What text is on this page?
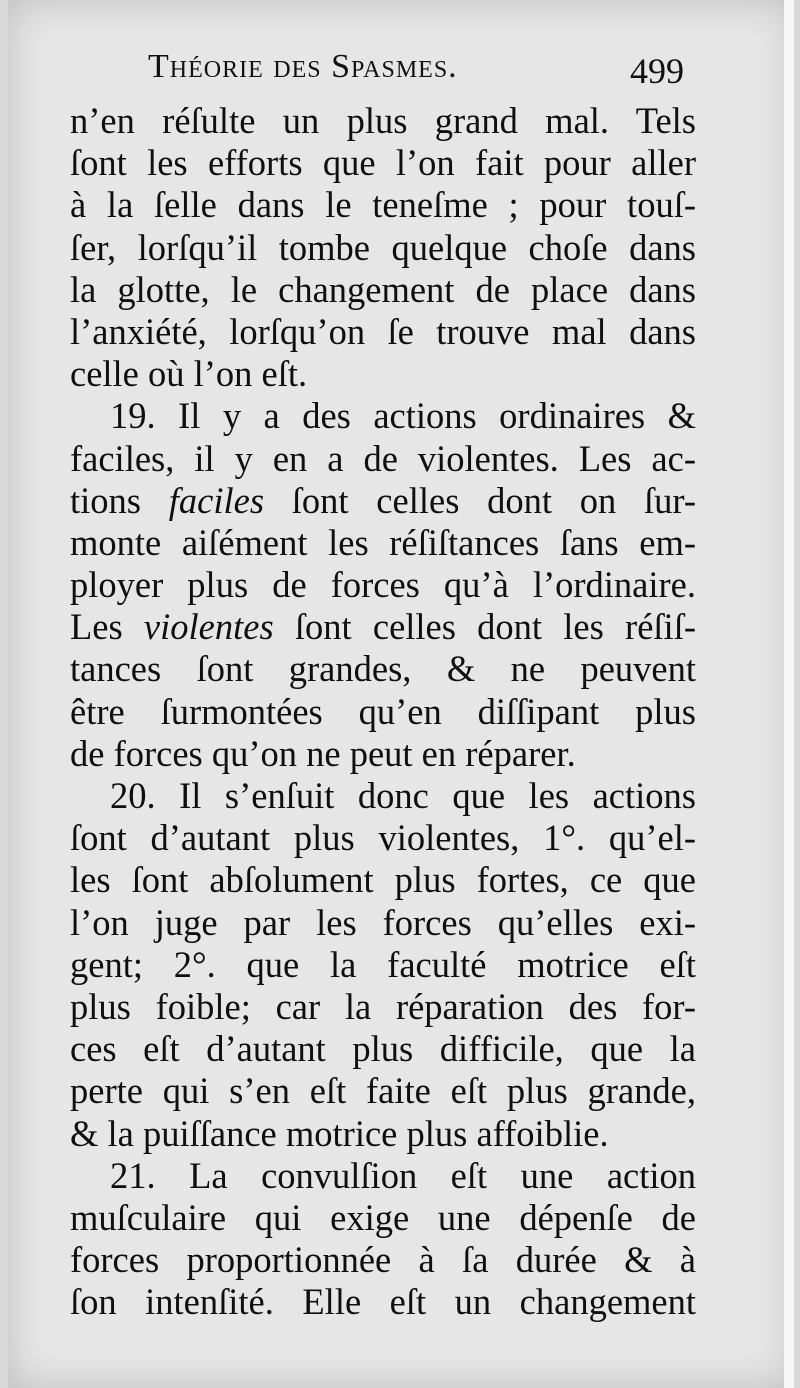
Théorie des Spasmes.	499
n’en réſulte un plus grand mal. Tels
ſont les efforts que l’on fait pour aller
à la ſelle dans le teneſme ; pour touſ-
ſer, lorſqu’il tombe quelque choſe dans
la glotte, le changement de place dans
l’anxiété, lorſqu’on ſe trouve mal dans
celle où l’on eſt.
19. Il y a des actions ordinaires &
faciles, il y en a de violentes. Les ac-
tions faciles ſont celles dont on ſur-
monte aiſément les réſiſtances ſans em-
ployer plus de forces qu’à l’ordinaire.
Les violentes ſont celles dont les réſiſ-
tances ſont grandes, & ne peuvent
être ſurmontées qu’en diſſipant plus
de forces qu’on ne peut en réparer.
20. Il s’enſuit donc que les actions
ſont d’autant plus violentes, 1°. qu’el-
les ſont abſolument plus fortes, ce que
l’on juge par les forces qu’elles exi-
gent; 2°. que la faculté motrice eſt
plus foible; car la réparation des for-
ces eſt d’autant plus difficile, que la
perte qui s’en eſt faite eſt plus grande,
& la puiſſance motrice plus affoiblie.
21. La convulſion eſt une action
muſculaire qui exige une dépenſe de
forces proportionnée à ſa durée & à
ſon intenſité. Elle eſt un changement
